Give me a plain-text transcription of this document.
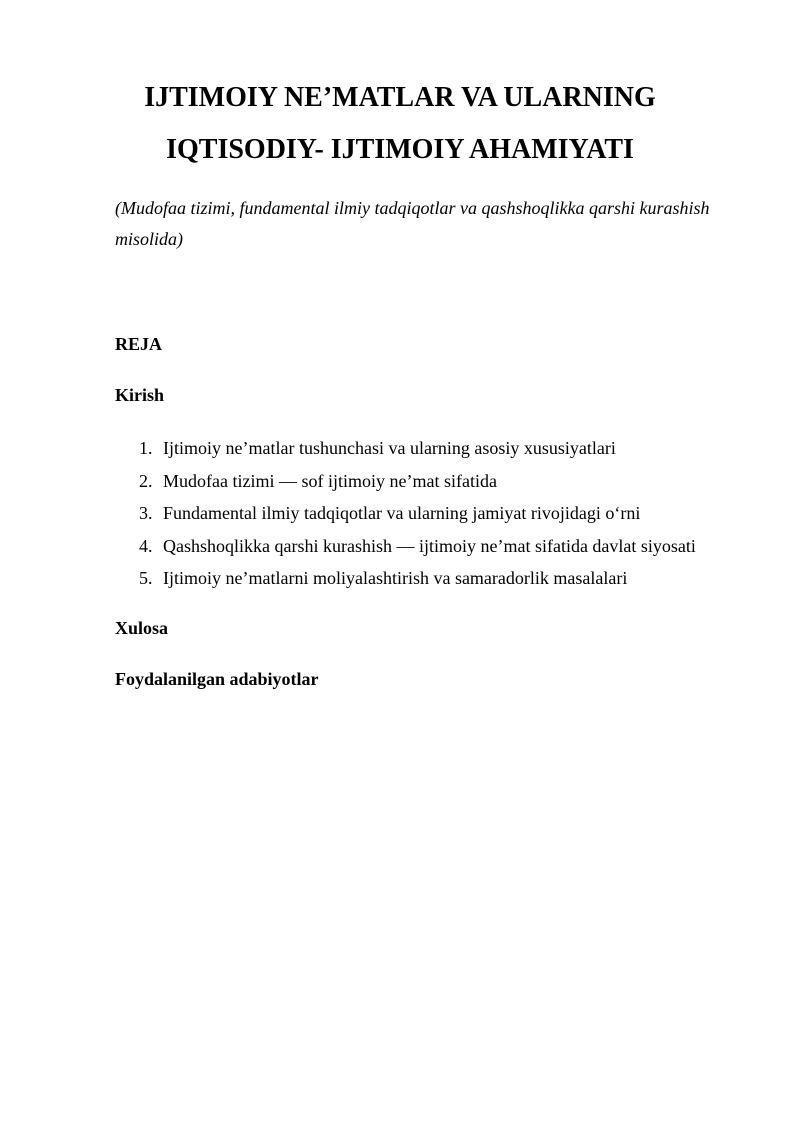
IJTIMOIY NE’MATLAR VA ULARNING
IQTISODIY- IJTIMOIY AHAMIYATI
(Mudofaa tizimi, fundamental ilmiy tadqiqotlar va qashshoqlikka qarshi kurashish misolida)
REJA
Kirish
1. Ijtimoiy ne’matlar tushunchasi va ularning asosiy xususiyatlari
2. Mudofaa tizimi — sof ijtimoiy ne’mat sifatida
3. Fundamental ilmiy tadqiqotlar va ularning jamiyat rivojidagi o‘rni
4. Qashshoqlikka qarshi kurashish — ijtimoiy ne’mat sifatida davlat siyosati
5. Ijtimoiy ne’matlarni moliyalashtirish va samaradorlik masalalari
Xulosa
Foydalanilgan adabiyotlar
